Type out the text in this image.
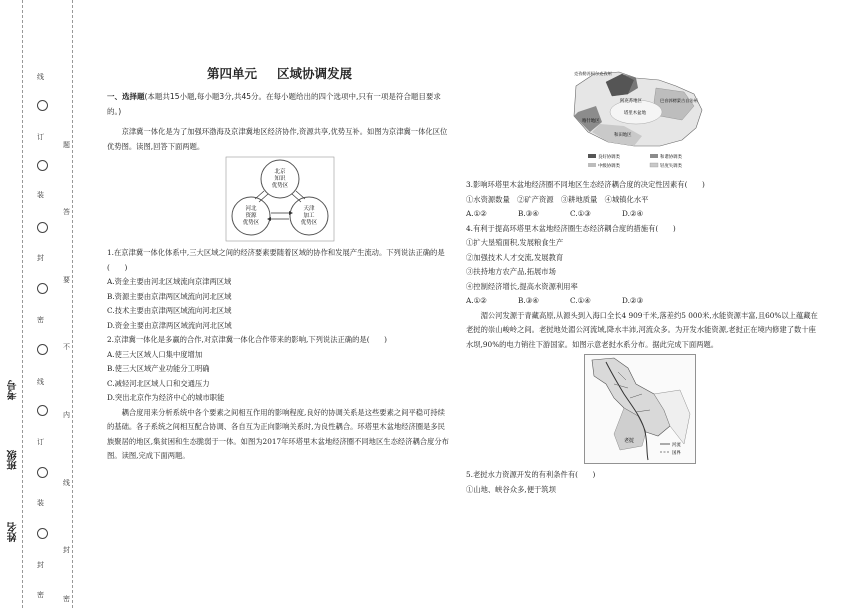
考号
班级
姓名
线
订
装
封
密
线
订
装
封
密
题
答
要
不
内
线
封
密
第四单元 区域协调发展

一、选择题(本题共15小题,每小题3分,共45分。在每小题给出的四个选项中,只有一项是符合题目要求的。)

京津冀一体化是为了加强环渤海及京津冀地区经济协作,资源共享,优势互补。如图为京津冀一体化区位优势图。读图,回答下面两题。

北京
知识
优势区
河北
资源
优势区
天津
加工
优势区

1.在京津冀一体化体系中,三大区域之间的经济要素要随着区域的协作和发展产生流动。下列说法正确的是(　　)

A.资金主要由河北区域流向京津两区域

B.资源主要由京津两区域流向河北区域

C.技术主要由京津两区域流向河北区域

D.资金主要由京津两区域流向河北区域

2.京津冀一体化是多赢的合作,对京津冀一体化合作带来的影响,下列说法正确的是(　　)

A.使三大区域人口集中度增加

B.使三大区域产业功能分工明确

C.减轻河北区域人口和交通压力

D.突出北京作为经济中心的城市职能

耦合度用来分析系统中各个要素之间相互作用的影响程度,良好的协调关系是这些要素之间平稳可持续的基础。各子系统之间相互配合协调、各自互为正向影响关系时,为良性耦合。环塔里木盆地经济圈是多民族聚居的地区,集贫困和生态脆弱于一体。如图为2017年环塔里木盆地经济圈不同地区生态经济耦合度分布图。读图,完成下面两题。

克孜勒苏柯尔克孜州
阿克苏地区	巴音郭楞蒙古自治州
塔里木盆地
喀什地区
和田地区
良好协调类	和谐协调类
中级协调类	轻度失调类

3.影响环塔里木盆地经济圈不同地区生态经济耦合度的决定性因素有(　　)

①水资源数量　②矿产资源　③耕地质量　④城镇化水平

A.①②	B.③④	C.①③	D.②④

4.有利于提高环塔里木盆地经济圈生态经济耦合度的措施有(　　)

①扩大垦殖面积,发展粮食生产

②加强技术人才交流,发展教育

③扶持地方农产品,拓展市场

④控制经济增长,提高水资源利用率

A.①②	B.③④	C.①④	D.②③

湄公河发源于青藏高原,从源头到入海口全长4 909千米,落差约5 000米,水能资源丰富,且60%以上蕴藏在老挝的崇山峻岭之间。老挝地处湄公河流域,降水丰沛,河流众多。为开发水能资源,老挝正在境内修建了数十座水坝,90%的电力销往下游国家。如图示意老挝水系分布。据此完成下面两题。

老挝
河流
国界

5.老挝水力资源开发的有利条件有(　　)

①山地、峡谷众多,便于筑坝
